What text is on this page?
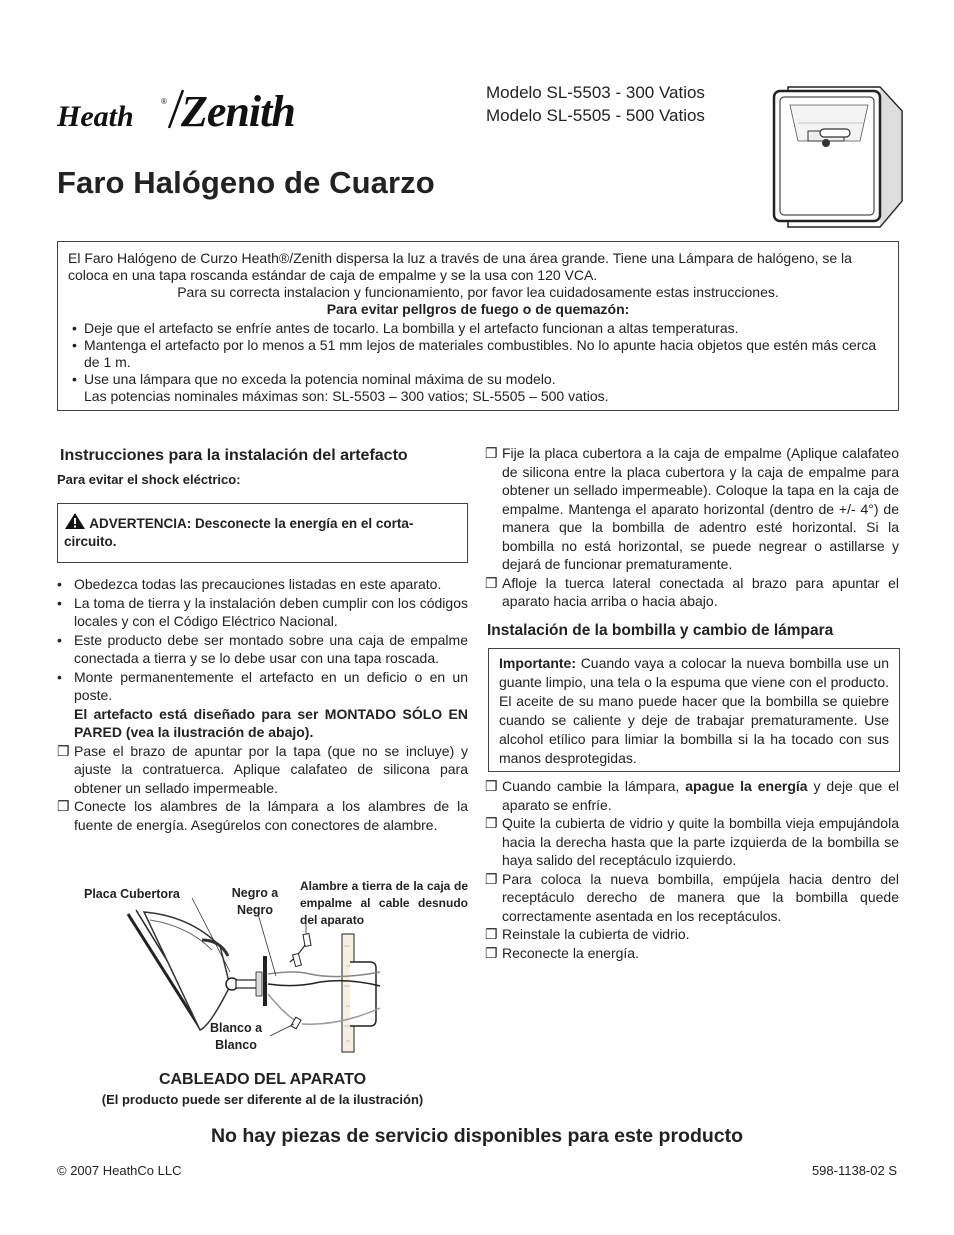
Heath	® Zenith	Modelo SL-5503 - 300 Vatios
Modelo SL-5505 - 500 Vatios
Faro Halógeno de Cuarzo

El Faro Halógeno de Curzo Heath®/Zenith dispersa la luz a través de una área grande. Tiene una Lámpara de halógeno, se la coloca en una tapa roscanda estándar de caja de empalme y se la usa con 120 VCA.

Para su correcta instalacion y funcionamiento, por favor lea cuidadosamente estas instrucciones.

Para evitar pellgros de fuego o de quemazón:

• Deje que el artefacto se enfríe antes de tocarlo. La bombilla y el artefacto funcionan a altas temperaturas.
• Mantenga el artefacto por lo menos a 51 mm lejos de materiales combustibles. No lo apunte hacia objetos que estén más cerca de 1 m.
• Use una lámpara que no exceda la potencia nominal máxima de su modelo.
Las potencias nominales máximas son: SL-5503 – 300 vatios; SL-5505 – 500 vatios.
Instrucciones para la instalación del artefacto
Para evitar el shock eléctrico:
ADVERTENCIA: Desconecte la energía en el corta-circuito.

• Obedezca todas las precauciones listadas en este aparato.

• La toma de tierra y la instalación deben cumplir con los códigos locales y con el Código Eléctrico Nacional.

• Este producto debe ser montado sobre una caja de empalme conectada a tierra y se lo debe usar con una tapa roscada.

• Monte permanentemente el artefacto en un deficio o en un poste.

El artefacto está diseñado para ser MONTADO SÓLO EN PARED (vea la ilustración de abajo).

❐ Pase el brazo de apuntar por la tapa (que no se incluye) y ajuste la contratuerca. Aplique calafateo de silicona para obtener un sellado impermeable.

❐ Conecte los alambres de la lámpara a los alambres de la fuente de energía. Asegúrelos con conectores de alambre.

Placa Cubertora	Negro a Negro
Alambre a tierra de la caja de empalme al cable desnudo del aparato
Blanco a Blanco
CABLEADO DEL APARATO
(El producto puede ser diferente al de la ilustración)

❐ Fije la placa cubertora a la caja de empalme (Aplique calafateo de silicona entre la placa cubertora y la caja de empalme para obtener un sellado impermeable). Coloque la tapa en la caja de empalme. Mantenga el aparato horizontal (dentro de +/- 4°) de manera que la bombilla de adentro esté horizontal. Si la bombilla no está horizontal, se puede negrear o astillarse y dejará de funcionar prematuramente.

❐ Afloje la tuerca lateral conectada al brazo para apuntar el aparato hacia arriba o hacia abajo.

Instalación de la bombilla y cambio de lámpara
Importante: Cuando vaya a colocar la nueva bombilla use un guante limpio, una tela o la espuma que viene con el producto. El aceite de su mano puede hacer que la bombilla se quiebre cuando se caliente y deje de trabajar prematuramente. Use alcohol etílico para limiar la bombilla si la ha tocado con sus manos desprotegidas.

❐ Cuando cambie la lámpara, apague la energía y deje que el aparato se enfríe.

❐ Quite la cubiertа de vidrio y quite la bombilla vieja empujándola hacia la derecha hasta que la parte izquierda de la bombilla se haya salido del receptáculo izquierdo.

❐ Para coloca la nueva bombilla, empújela hacia dentro del receptáculo derecho de manera que la bombilla quede correctamente asentada en los receptáculos.

❐ Reinstale la cubierta de vidrio.

❐ Reconecte la energía.

No hay piezas de servicio disponibles para este producto
© 2007 HeathCo LLC	598-1138-02 S
